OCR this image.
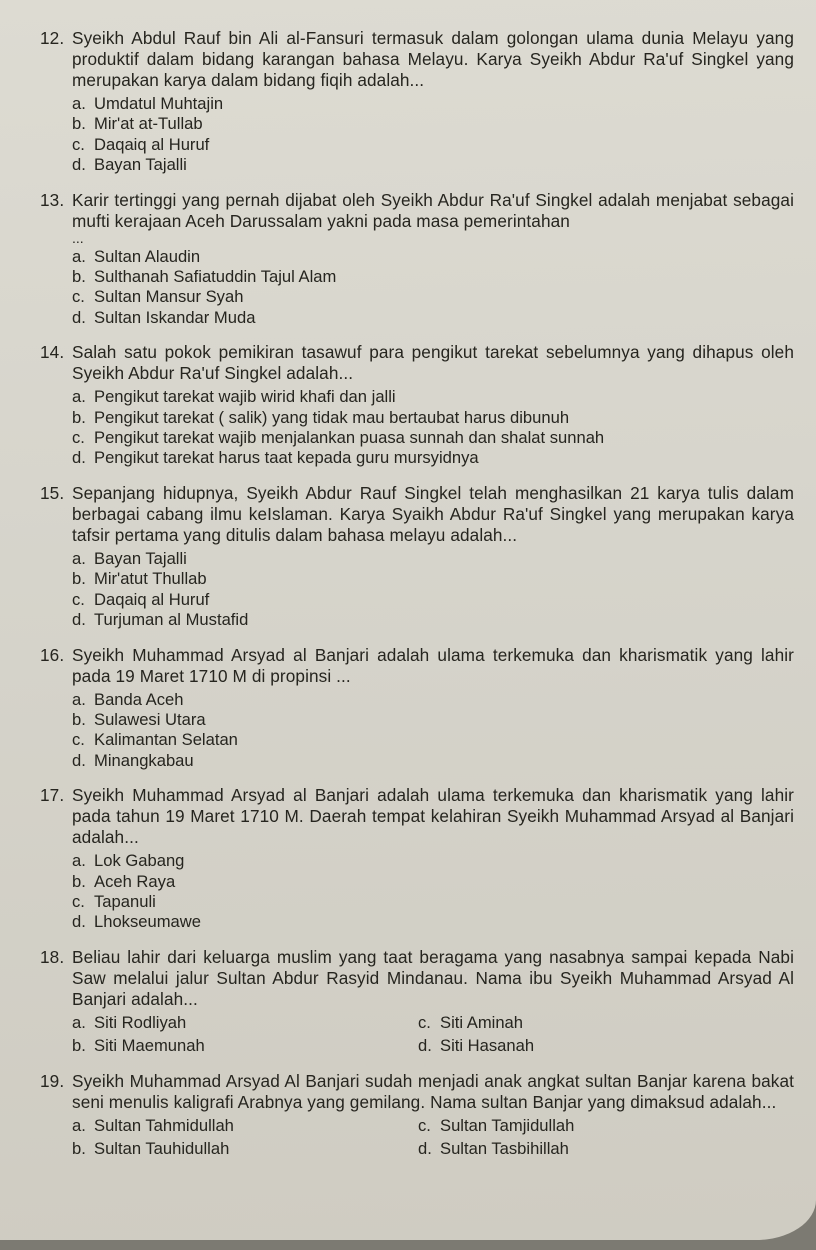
12. Syeikh Abdul Rauf bin Ali al-Fansuri termasuk dalam golongan ulama dunia Melayu yang produktif dalam bidang karangan bahasa Melayu. Karya Syeikh Abdur Ra'uf Singkel yang merupakan karya dalam bidang fiqih adalah...
a. Umdatul Muhtajin
b. Mir'at at-Tullab
c. Daqaiq al Huruf
d. Bayan Tajalli
13. Karir tertinggi yang pernah dijabat oleh Syeikh Abdur Ra'uf Singkel adalah menjabat sebagai mufti kerajaan Aceh Darussalam yakni pada masa pemerintahan
...
a. Sultan Alaudin
b. Sulthanah Safiatuddin Tajul Alam
c. Sultan Mansur Syah
d. Sultan Iskandar Muda
14. Salah satu pokok pemikiran tasawuf para pengikut tarekat sebelumnya yang dihapus oleh Syeikh Abdur Ra'uf Singkel adalah...
a. Pengikut tarekat wajib wirid khafi dan jalli
b. Pengikut tarekat ( salik) yang tidak mau bertaubat harus dibunuh
c. Pengikut tarekat wajib menjalankan puasa sunnah dan shalat sunnah
d. Pengikut tarekat harus taat kepada guru mursyidnya
15. Sepanjang hidupnya, Syeikh Abdur Rauf Singkel telah menghasilkan 21 karya tulis dalam berbagai cabang ilmu keIslaman. Karya Syaikh Abdur Ra'uf Singkel yang merupakan karya tafsir pertama yang ditulis dalam bahasa melayu adalah...
a. Bayan Tajalli
b. Mir'atut Thullab
c. Daqaiq al Huruf
d. Turjuman al Mustafid
16. Syeikh Muhammad Arsyad al Banjari adalah ulama terkemuka dan kharismatik yang lahir pada 19 Maret 1710 M di propinsi ...
a. Banda Aceh
b. Sulawesi Utara
c. Kalimantan Selatan
d. Minangkabau
17. Syeikh Muhammad Arsyad al Banjari adalah ulama terkemuka dan kharismatik yang lahir pada tahun 19 Maret 1710 M. Daerah tempat kelahiran Syeikh Muhammad Arsyad al Banjari adalah...
a. Lok Gabang
b. Aceh Raya
c. Tapanuli
d. Lhokseumawe
18. Beliau lahir dari keluarga muslim yang taat beragama yang nasabnya sampai kepada Nabi Saw melalui jalur Sultan Abdur Rasyid Mindanau. Nama ibu Syeikh Muhammad Arsyad Al Banjari adalah...
a. Siti Rodliyah	c. Siti Aminah
b. Siti Maemunah	d. Siti Hasanah
19. Syeikh Muhammad Arsyad Al Banjari sudah menjadi anak angkat sultan Banjar karena bakat seni menulis kaligrafi Arabnya yang gemilang. Nama sultan Banjar yang dimaksud adalah...
a. Sultan Tahmidullah	c. Sultan Tamjidullah
b. Sultan Tauhidullah	d. Sultan Tasbihillah
